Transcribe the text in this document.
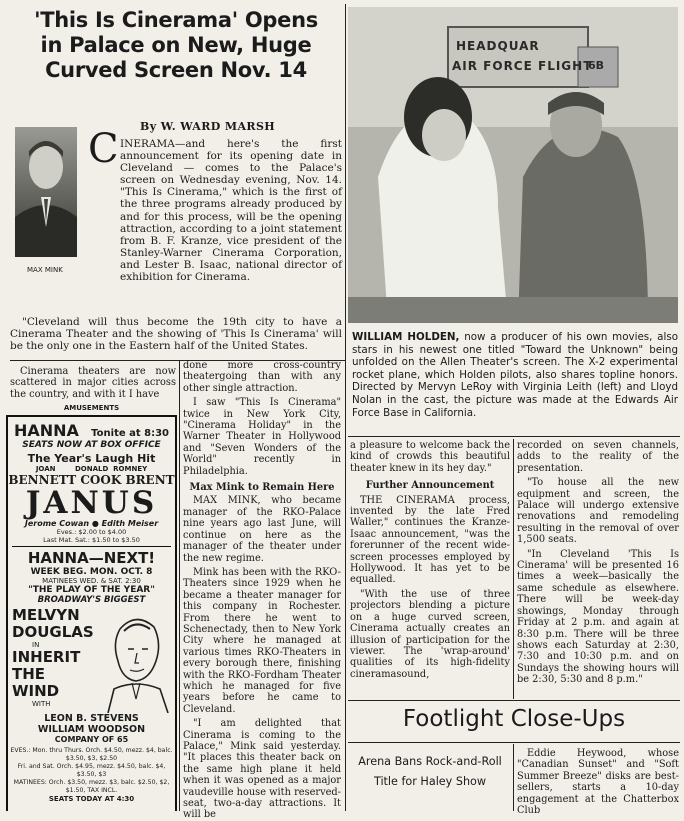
'This Is Cinerama' Opens
in Palace on New, Huge
Curved Screen Nov. 14
By W. WARD MARSH
MAX MINK
C INERAMA—and here's the first announcement for its opening date in Cleveland — comes to the Palace's screen on Wednesday evening, Nov. 14. "This Is Cinerama," which is the first of the three programs already produced by and for this process, will be the opening attraction, according to a joint statement from B. F. Kranze, vice president of the Stanley-Warner Cinerama Corporation, and Lester B. Isaac, national director of exhibition for Cinerama.
"Cleveland will thus become the 19th city to have a Cinerama Theater and the showing of 'This Is Cinerama' will be the only one in the Eastern half of the United States.
Cinerama theaters are now scattered in major cities across the country, and with it I have
AMUSEMENTS
HANNA Tonite at 8:30
SEATS NOW AT BOX OFFICE
The Year's Laugh Hit
JOAN        DONALD  ROMNEY
BENNETT COOK BRENT
JANUS
Jerome Cowan ● Edith Meiser
Eves.: $2.00 to $4.00
Last Mat. Sat.: $1.50 to $3.50
HANNA—NEXT!
WEEK BEG. MON. OCT. 8
MATINEES WED. & SAT. 2:30
"THE PLAY OF THE YEAR"
BROADWAY'S BIGGEST
MELVYN
DOUGLAS
IN
INHERIT
THE WIND
WITH
LEON B. STEVENS
WILLIAM WOODSON
COMPANY OF 65
EVES.: Mon. thru Thurs. Orch. $4.50, mezz. $4, balc. $3.50, $3, $2.50
Fri. and Sat. Orch. $4.95, mezz. $4.50, balc. $4, $3.50, $3
MATINEES: Orch. $3.50, mezz. $3, balc. $2.50, $2, $1.50, TAX INCL.
SEATS TODAY AT 4:30
done more cross-country theatergoing than with any other single attraction.
I saw "This Is Cinerama" twice in New York City, "Cinerama Holiday" in the Warner Theater in Hollywood and "Seven Wonders of the World" recently in Philadelphia.
Max Mink to Remain Here
MAX MINK, who became manager of the RKO-Palace nine years ago last June, will continue on here as the manager of the theater under the new regime.
Mink has been with the RKO-Theaters since 1929 when he became a theater manager for this company in Rochester. From there he went to Schenectady, then to New York City where he managed at various times RKO-Theaters in every borough there, finishing with the RKO-Fordham Theater which he managed for five years before he came to Cleveland.
"I am delighted that Cinerama is coming to the Palace," Mink said yesterday. "It places this theater back on the same high plane it held when it was opened as a major vaudeville house with reserved-seat, two-a-day attractions. It will be
HEADQUAR
AIR FORCE FLIGHT
6B
WILLIAM HOLDEN, now a producer of his own movies, also stars in his newest one titled "Toward the Unknown" being unfolded on the Allen Theater's screen. The X-2 experimental rocket plane, which Holden pilots, also shares topline honors. Directed by Mervyn LeRoy with Virginia Leith (left) and Lloyd Nolan in the cast, the picture was made at the Edwards Air Force Base in California.
a pleasure to welcome back the kind of crowds this beautiful theater knew in its hey day."
Further Announcement
THE CINERAMA process, invented by the late Fred Waller," continues the Kranze-Isaac announcement, "was the forerunner of the recent wide-screen processes employed by Hollywood. It has yet to be equalled.
"With the use of three projectors blending a picture on a huge curved screen, Cinerama actually creates an illusion of participation for the viewer. The 'wrap-around' qualities of its high-fidelity cineramasound,
recorded on seven channels, adds to the reality of the presentation.
"To house all the new equipment and screen, the Palace will undergo extensive renovations and remodeling resulting in the removal of over 1,500 seats.
"In Cleveland 'This Is Cinerama' will be presented 16 times a week—basically the same schedule as elsewhere. There will be week-day showings, Monday through Friday at 2 p.m. and again at 8:30 p.m. There will be three shows each Saturday at 2:30, 7:30 and 10:30 p.m. and on Sundays the showing hours will be 2:30, 5:30 and 8 p.m."
Footlight Close-Ups
Arena Bans Rock-and-Roll
Title for Haley Show
Eddie Heywood, whose "Canadian Sunset" and "Soft Summer Breeze" disks are best-sellers, starts a 10-day engagement at the Chatterbox Club
